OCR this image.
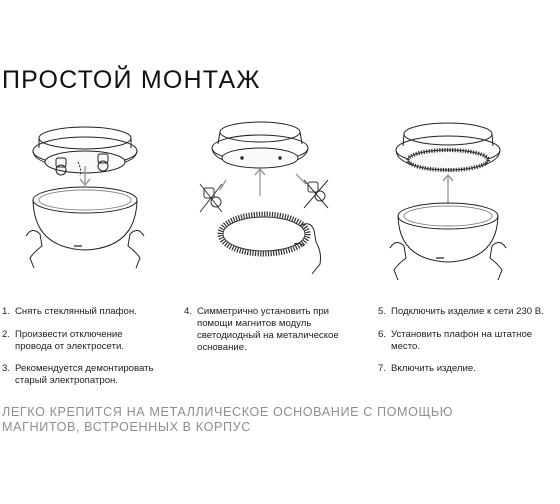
ПРОСТОЙ МОНТАЖ
1. Снять стеклянный плафон.
2. Произвести отключение провода от электросети.
3. Рекомендуется демонтировать старый электропатрон.
4. Симметрично установить при помощи магнитов модуль светодиодный на металическое основание.
5. Подключить изделие к сети 230 В.
6. Установить плафон на штатное место.
7. Включить изделие.
ЛЕГКО КРЕПИТСЯ НА МЕТАЛЛИЧЕСКОЕ ОСНОВАНИЕ С ПОМОЩЬЮ МАГНИТОВ, ВСТРОЕННЫХ В КОРПУС
